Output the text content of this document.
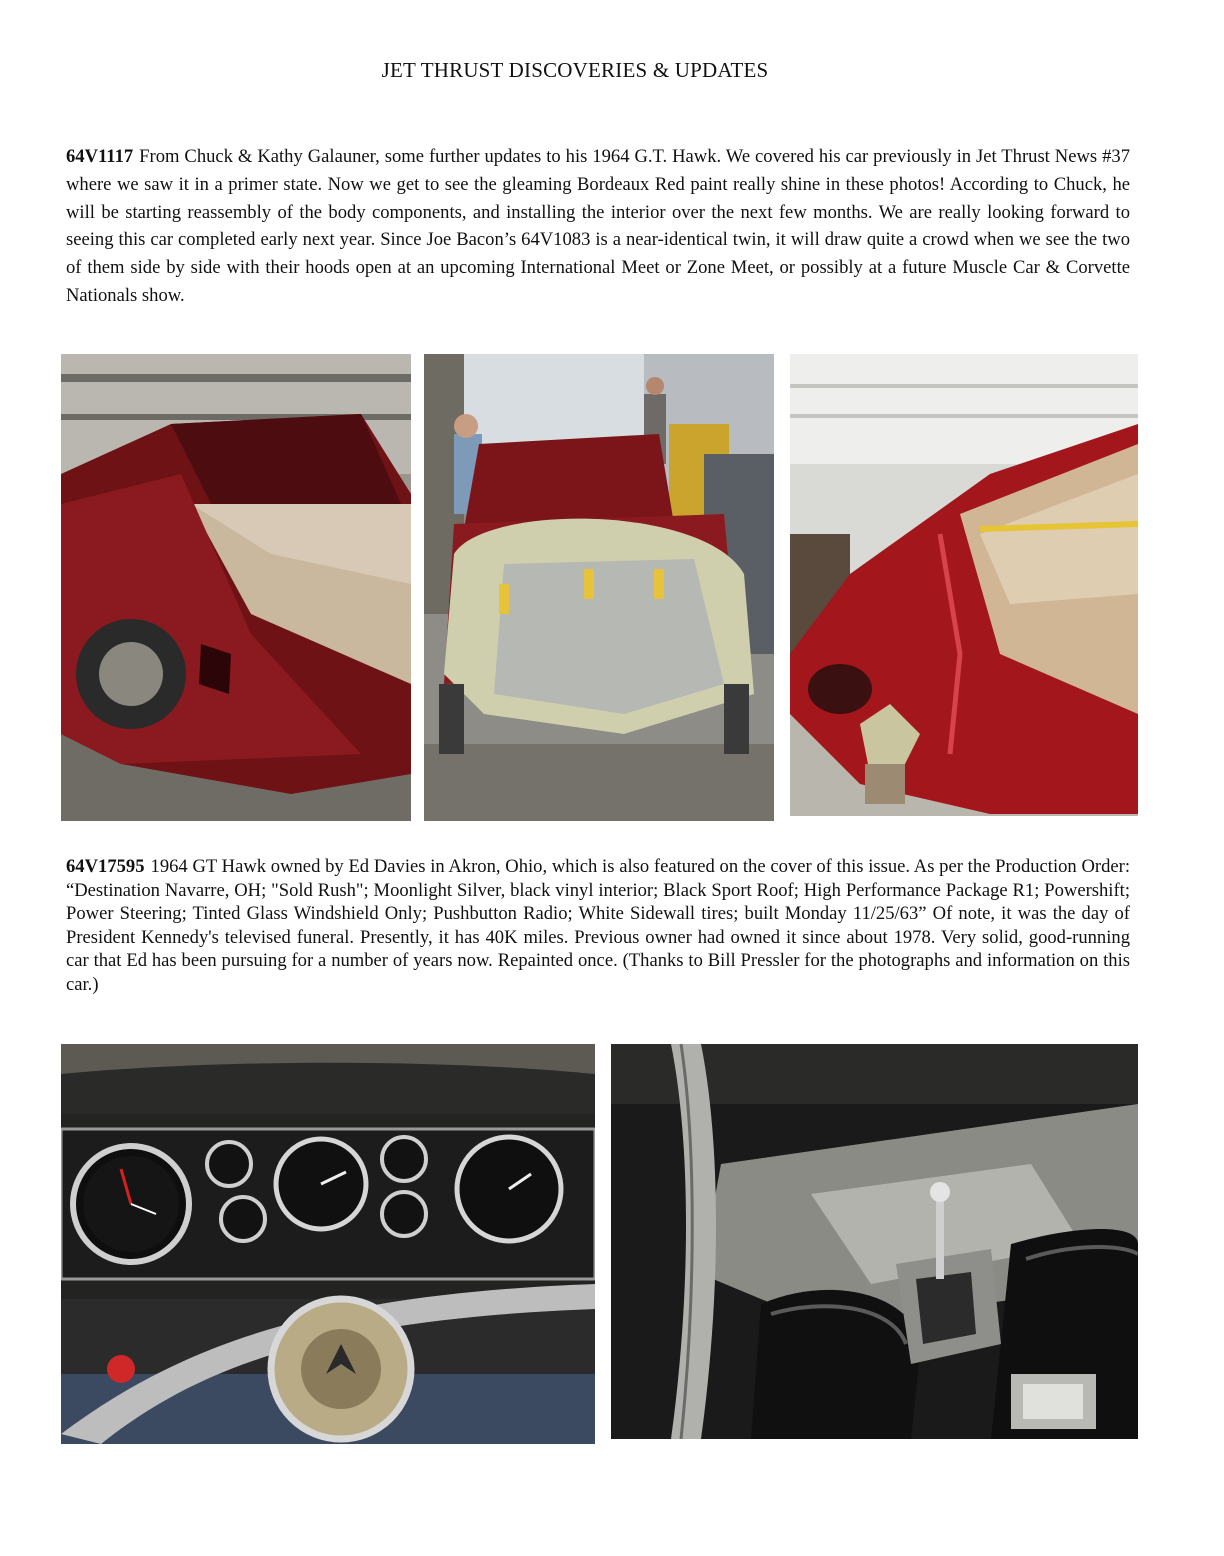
JET THRUST DISCOVERIES & UPDATES

64V1117 From Chuck & Kathy Galauner, some further updates to his 1964 G.T. Hawk. We covered his car previously in Jet Thrust News #37 where we saw it in a primer state. Now we get to see the gleaming Bordeaux Red paint really shine in these photos! According to Chuck, he will be starting reassembly of the body components, and installing the interior over the next few months. We are really looking forward to seeing this car completed early next year. Since Joe Bacon’s 64V1083 is a near-identical twin, it will draw quite a crowd when we see the two of them side by side with their hoods open at an upcoming International Meet or Zone Meet, or possibly at a future Muscle Car & Corvette Nationals show.

64V17595 1964 GT Hawk owned by Ed Davies in Akron, Ohio, which is also featured on the cover of this issue. As per the Production Order: “Destination Navarre, OH; "Sold Rush"; Moonlight Silver, black vinyl interior; Black Sport Roof; High Performance Package R1; Powershift; Power Steering; Tinted Glass Windshield Only; Pushbutton Radio; White Sidewall tires; built Monday 11/25/63” Of note, it was the day of President Kennedy's televised funeral. Presently, it has 40K miles. Previous owner had owned it since about 1978. Very solid, good-running car that Ed has been pursuing for a number of years now. Repainted once. (Thanks to Bill Pressler for the photographs and information on this car.)
